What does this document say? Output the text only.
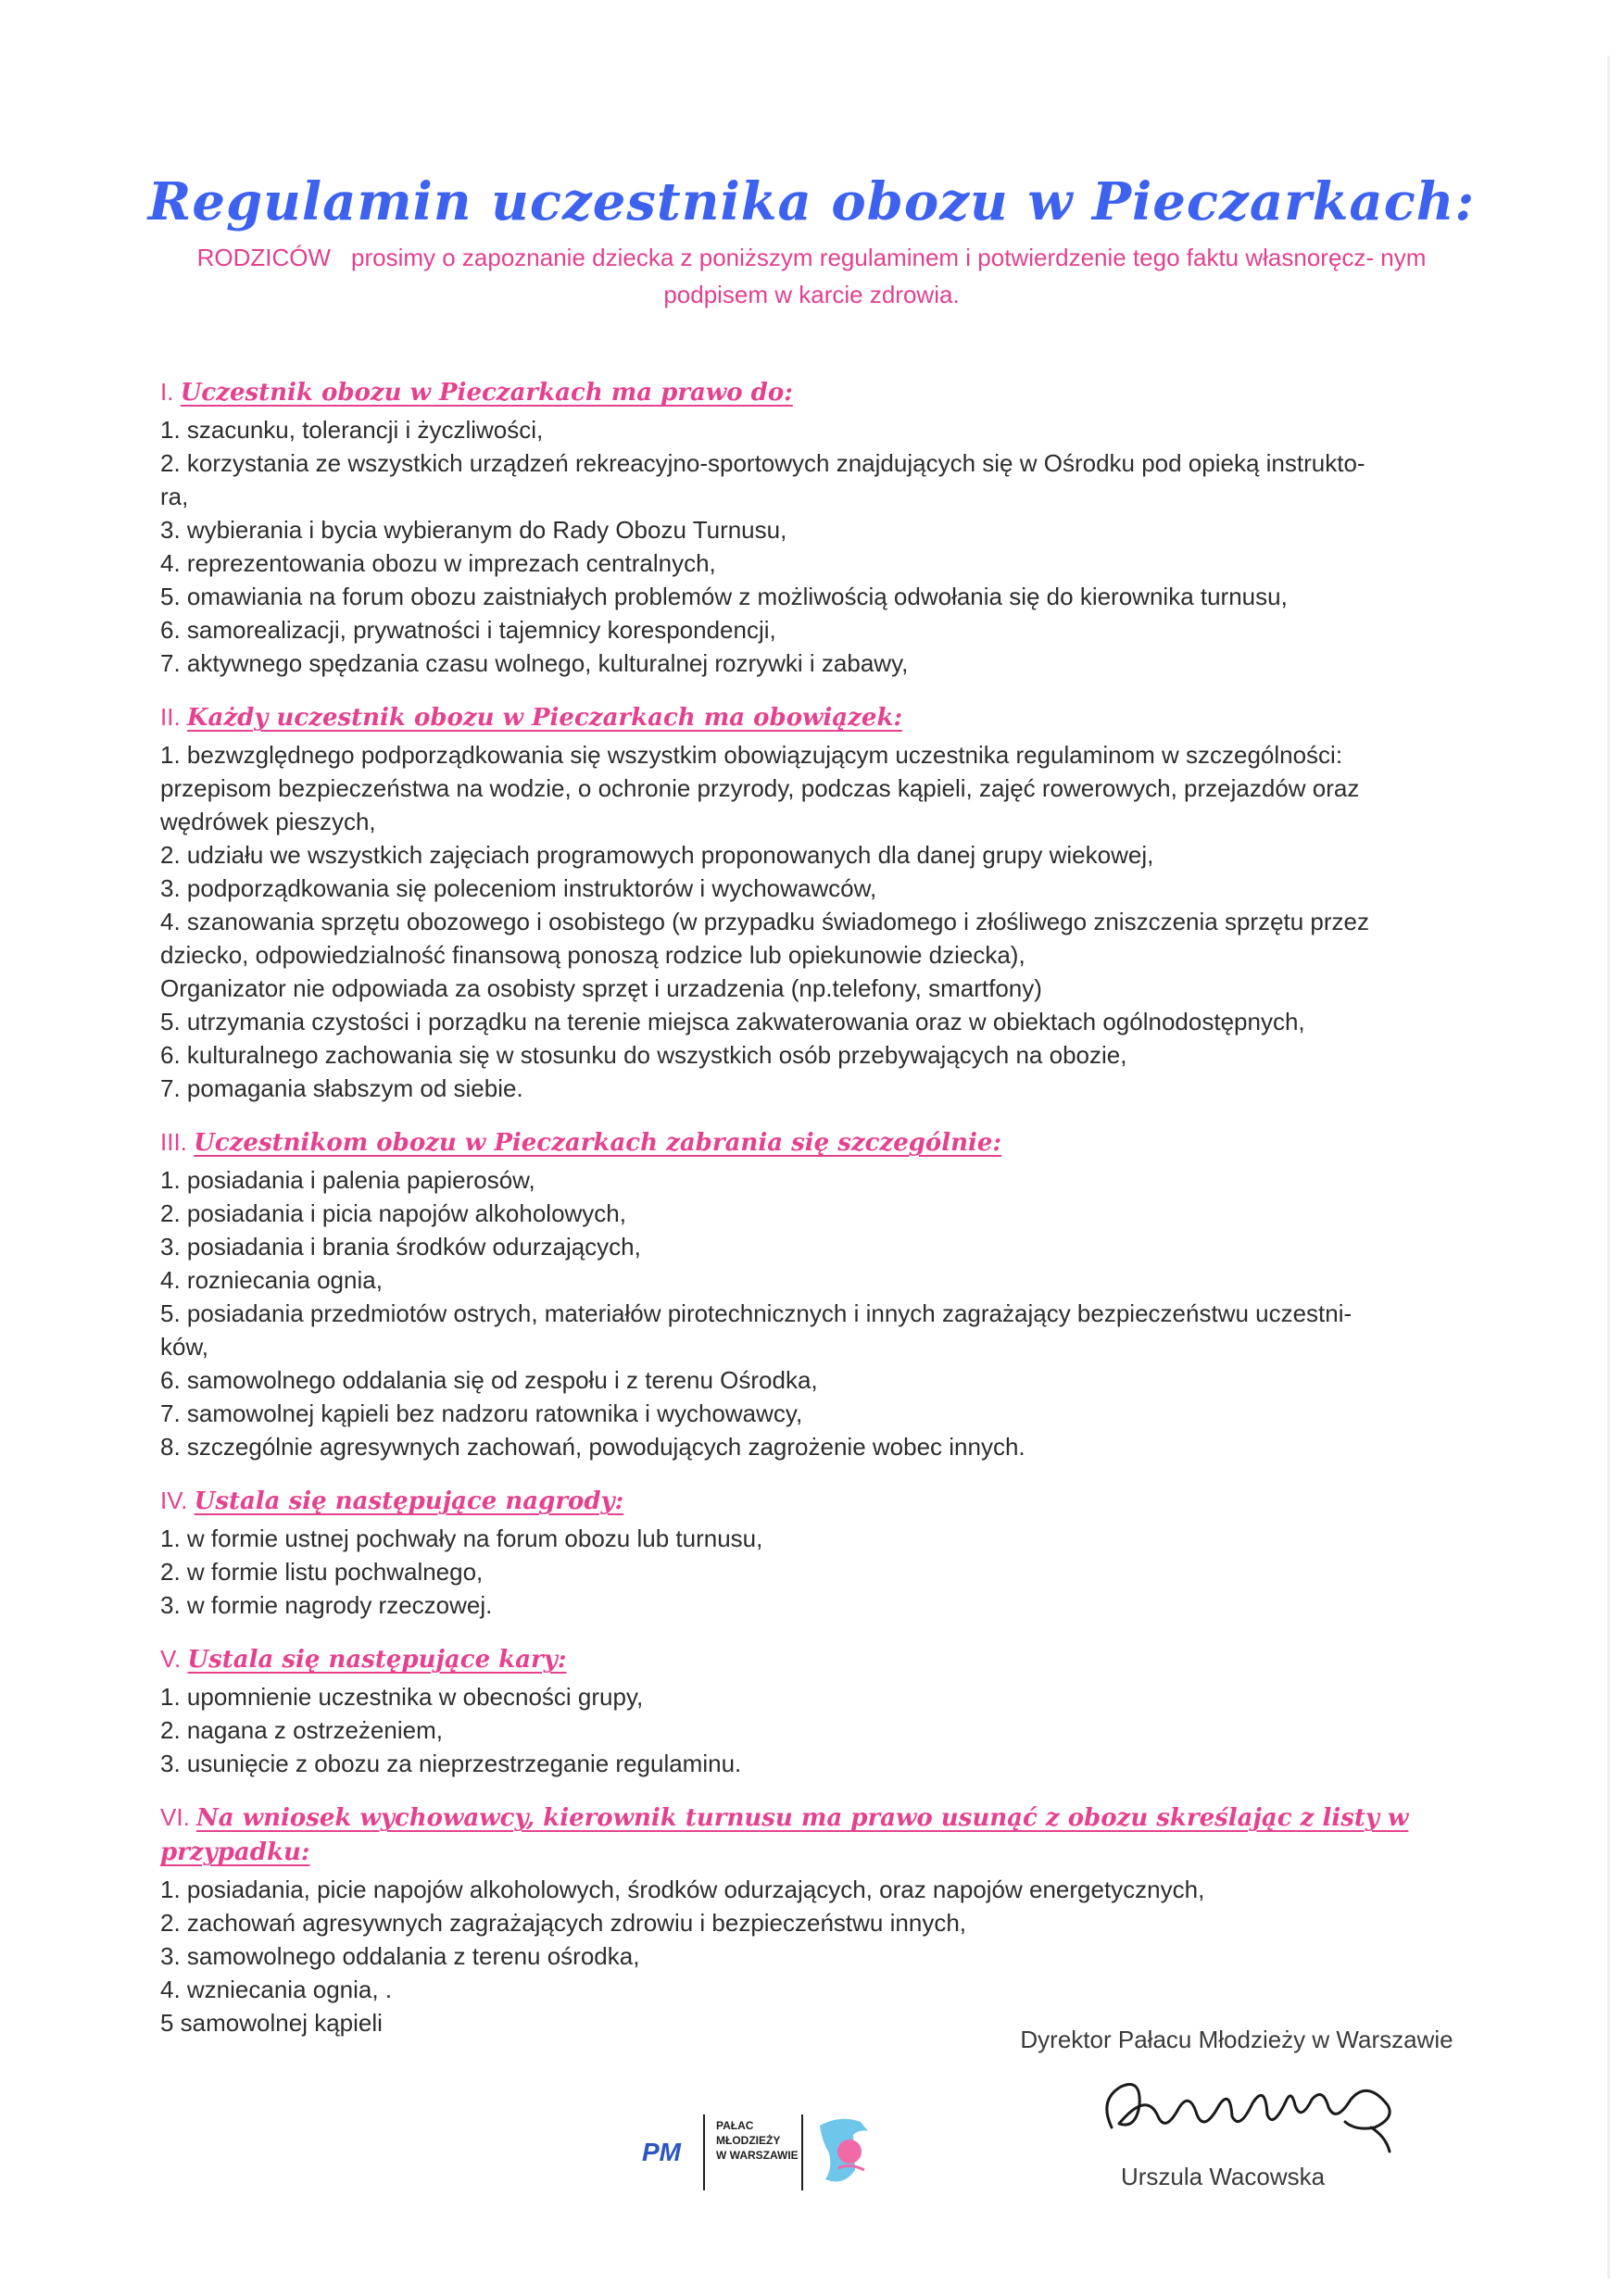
Regulamin uczestnika obozu w Pieczarkach:
RODZICÓW prosimy o zapoznanie dziecka z poniższym regulaminem i potwierdzenie tego faktu własnoręcz- nym podpisem w karcie zdrowia.
I. Uczestnik obozu w Pieczarkach ma prawo do:
1. szacunku, tolerancji i życzliwości,
2. korzystania ze wszystkich urządzeń rekreacyjno-sportowych znajdujących się w Ośrodku pod opieką instrukto-
ra,
3. wybierania i bycia wybieranym do Rady Obozu Turnusu,
4. reprezentowania obozu w imprezach centralnych,
5. omawiania na forum obozu zaistniałych problemów z możliwością odwołania się do kierownika turnusu,
6. samorealizacji, prywatności i tajemnicy korespondencji,
7. aktywnego spędzania czasu wolnego, kulturalnej rozrywki i zabawy,
II. Każdy uczestnik obozu w Pieczarkach ma obowiązek:
1. bezwzględnego podporządkowania się wszystkim obowiązującym uczestnika regulaminom w szczególności:
przepisom bezpieczeństwa na wodzie, o ochronie przyrody, podczas kąpieli, zajęć rowerowych, przejazdów oraz
wędrówek pieszych,
2. udziału we wszystkich zajęciach programowych proponowanych dla danej grupy wiekowej,
3. podporządkowania się poleceniom instruktorów i wychowawców,
4. szanowania sprzętu obozowego i osobistego (w przypadku świadomego i złośliwego zniszczenia sprzętu przez
dziecko, odpowiedzialność finansową ponoszą rodzice lub opiekunowie dziecka),
Organizator nie odpowiada za osobisty sprzęt i urzadzenia (np.telefony, smartfony)
5. utrzymania czystości i porządku na terenie miejsca zakwaterowania oraz w obiektach ogólnodostępnych,
6. kulturalnego zachowania się w stosunku do wszystkich osób przebywających na obozie,
7. pomagania słabszym od siebie.
III. Uczestnikom obozu w Pieczarkach zabrania się szczególnie:
1. posiadania i palenia papierosów,
2. posiadania i picia napojów alkoholowych,
3. posiadania i brania środków odurzających,
4. rozniecania ognia,
5. posiadania przedmiotów ostrych, materiałów pirotechnicznych i innych zagrażający bezpieczeństwu uczestni-
ków,
6. samowolnego oddalania się od zespołu i z terenu Ośrodka,
7. samowolnej kąpieli bez nadzoru ratownika i wychowawcy,
8. szczególnie agresywnych zachowań, powodujących zagrożenie wobec innych.
IV. Ustala się następujące nagrody:
1. w formie ustnej pochwały na forum obozu lub turnusu,
2. w formie listu pochwalnego,
3. w formie nagrody rzeczowej.
V. Ustala się następujące kary:
1. upomnienie uczestnika w obecności grupy,
2. nagana z ostrzeżeniem,
3. usunięcie z obozu za nieprzestrzeganie regulaminu.
VI. Na wniosek wychowawcy, kierownik turnusu ma prawo usunąć z obozu skreślając z listy w przypadku:
1. posiadania, picie napojów alkoholowych, środków odurzających, oraz napojów energetycznych,
2. zachowań agresywnych zagrażających zdrowiu i bezpieczeństwu innych,
3. samowolnego oddalania z terenu ośrodka,
4. wzniecania ognia, .
5 samowolnej kąpieli
PM
PAŁAC
MŁODZIEŻY
W WARSZAWIE
Dyrektor Pałacu Młodzieży w Warszawie
Urszula Wacowska
